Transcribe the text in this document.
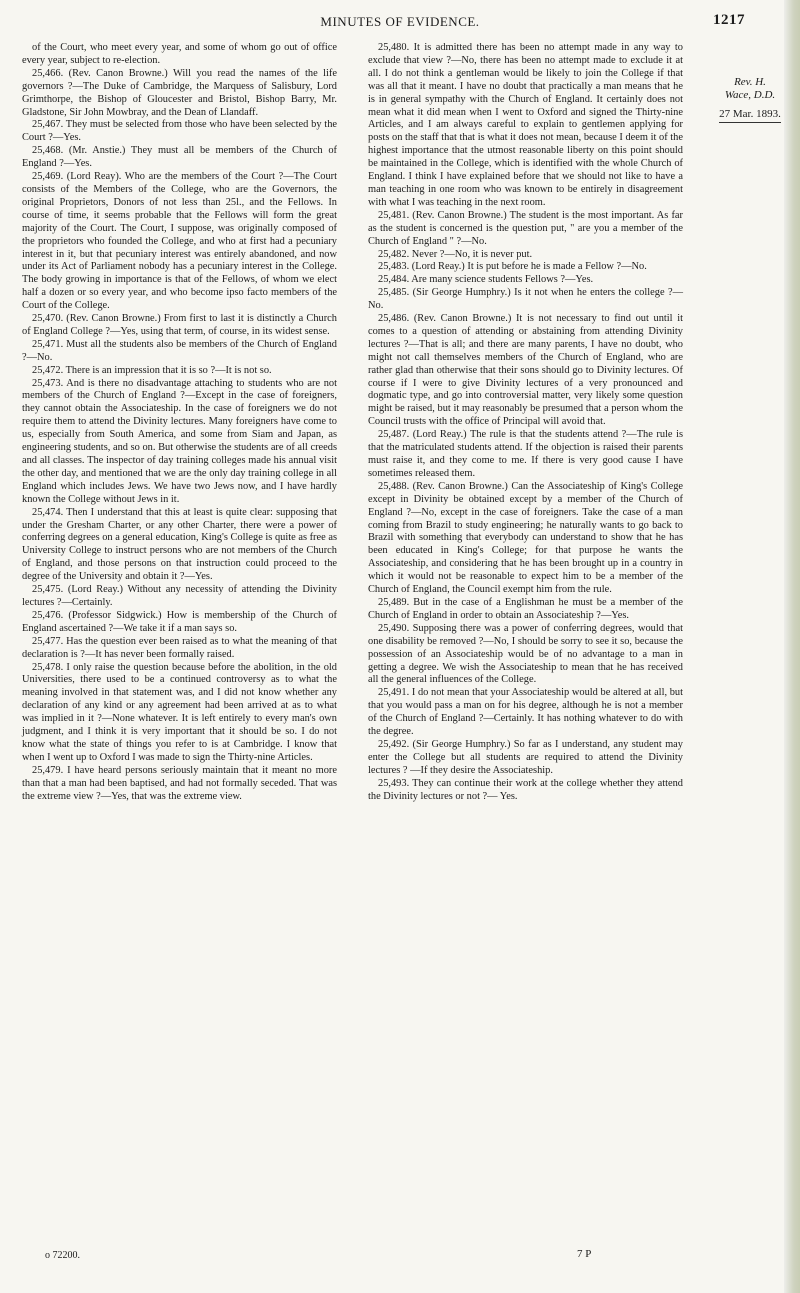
MINUTES OF EVIDENCE.	1217

of the Court, who meet every year, and some of whom go out of office every year, subject to re-election.

25,466. (Rev. Canon Browne.) Will you read the names of the life governors ?—The Duke of Cambridge, the Marquess of Salisbury, Lord Grimthorpe, the Bishop of Gloucester and Bristol, Bishop Barry, Mr. Gladstone, Sir John Mowbray, and the Dean of Llandaff.

25,467. They must be selected from those who have been selected by the Court ?—Yes.

25,468. (Mr. Anstie.) They must all be members of the Church of England ?—Yes.

25,469. (Lord Reay). Who are the members of the Court ?—The Court consists of the Members of the College, who are the Governors, the original Proprietors, Donors of not less than 25l., and the Fellows. In course of time, it seems probable that the Fellows will form the great majority of the Court. The Court, I suppose, was originally composed of the proprietors who founded the College, and who at first had a pecuniary interest in it, but that pecuniary interest was entirely abandoned, and now under its Act of Parliament nobody has a pecuniary interest in the College. The body growing in importance is that of the Fellows, of whom we elect half a dozen or so every year, and who become ipso facto members of the Court of the College.

25,470. (Rev. Canon Browne.) From first to last it is distinctly a Church of England College ?—Yes, using that term, of course, in its widest sense.

25,471. Must all the students also be members of the Church of England ?—No.

25,472. There is an impression that it is so ?—It is not so.

25,473. And is there no disadvantage attaching to students who are not members of the Church of England ?—Except in the case of foreigners, they cannot obtain the Associateship. In the case of foreigners we do not require them to attend the Divinity lectures. Many foreigners have come to us, especially from South America, and some from Siam and Japan, as engineering students, and so on. But otherwise the students are of all creeds and all classes. The inspector of day training colleges made his annual visit the other day, and mentioned that we are the only day training college in all England which includes Jews. We have two Jews now, and I have hardly known the College without Jews in it.

25,474. Then I understand that this at least is quite clear: supposing that under the Gresham Charter, or any other Charter, there were a power of conferring degrees on a general education, King's College is quite as free as University College to instruct persons who are not members of the Church of England, and those persons on that instruction could proceed to the degree of the University and obtain it ?—Yes.

25,475. (Lord Reay.) Without any necessity of attending the Divinity lectures ?—Certainly.

25,476. (Professor Sidgwick.) How is membership of the Church of England ascertained ?—We take it if a man says so.

25,477. Has the question ever been raised as to what the meaning of that declaration is ?—It has never been formally raised.

25,478. I only raise the question because before the abolition, in the old Universities, there used to be a continued controversy as to what the meaning involved in that statement was, and I did not know whether any declaration of any kind or any agreement had been arrived at as to what was implied in it ?—None whatever. It is left entirely to every man's own judgment, and I think it is very important that it should be so. I do not know what the state of things you refer to is at Cambridge. I know that when I went up to Oxford I was made to sign the Thirty-nine Articles.

25,479. I have heard persons seriously maintain that it meant no more than that a man had been baptised, and had not formally seceded. That was the extreme view ?—Yes, that was the extreme view.

25,480. It is admitted there has been no attempt made in any way to exclude that view ?—No, there has been no attempt made to exclude it at all. I do not think a gentleman would be likely to join the College if that was all that it meant. I have no doubt that practically a man means that he is in general sympathy with the Church of England. It certainly does not mean what it did mean when I went to Oxford and signed the Thirty-nine Articles, and I am always careful to explain to gentlemen applying for posts on the staff that that is what it does not mean, because I deem it of the highest importance that the utmost reasonable liberty on this point should be maintained in the College, which is identified with the whole Church of England. I think I have explained before that we should not like to have a man teaching in one room who was known to be entirely in disagreement with what I was teaching in the next room.

25,481. (Rev. Canon Browne.) The student is the most important. As far as the student is concerned is the question put, " are you a member of the Church of England " ?—No.

25,482. Never ?—No, it is never put.

25,483. (Lord Reay.) It is put before he is made a Fellow ?—No.

25,484. Are many science students Fellows ?—Yes.

25,485. (Sir George Humphry.) Is it not when he enters the college ?—No.

25,486. (Rev. Canon Browne.) It is not necessary to find out until it comes to a question of attending or abstaining from attending Divinity lectures ?—That is all; and there are many parents, I have no doubt, who might not call themselves members of the Church of England, who are rather glad than otherwise that their sons should go to Divinity lectures. Of course if I were to give Divinity lectures of a very pronounced and dogmatic type, and go into controversial matter, very likely some question might be raised, but it may reasonably be presumed that a person whom the Council trusts with the office of Principal will avoid that.

25,487. (Lord Reay.) The rule is that the students attend ?—The rule is that the matriculated students attend. If the objection is raised their parents must raise it, and they come to me. If there is very good cause I have sometimes released them.

25,488. (Rev. Canon Browne.) Can the Associateship of King's College except in Divinity be obtained except by a member of the Church of England ?—No, except in the case of foreigners. Take the case of a man coming from Brazil to study engineering; he naturally wants to go back to Brazil with something that everybody can understand to show that he has been educated in King's College; for that purpose he wants the Associateship, and considering that he has been brought up in a country in which it would not be reasonable to expect him to be a member of the Church of England, the Council exempt him from the rule.

25,489. But in the case of a Englishman he must be a member of the Church of England in order to obtain an Associateship ?—Yes.

25,490. Supposing there was a power of conferring degrees, would that one disability be removed ?—No, I should be sorry to see it so, because the possession of an Associateship would be of no advantage to a man in getting a degree. We wish the Associateship to mean that he has received all the general influences of the College.

25,491. I do not mean that your Associateship would be altered at all, but that you would pass a man on for his degree, although he is not a member of the Church of England ?—Certainly. It has nothing whatever to do with the degree.

25,492. (Sir George Humphry.) So far as I understand, any student may enter the College but all students are required to attend the Divinity lectures ? —If they desire the Associateship.

25,493. They can continue their work at the college whether they attend the Divinity lectures or not ?— Yes.

Rev. H.
Wace, D.D.
27 Mar. 1893.
o 72200.	7 P
